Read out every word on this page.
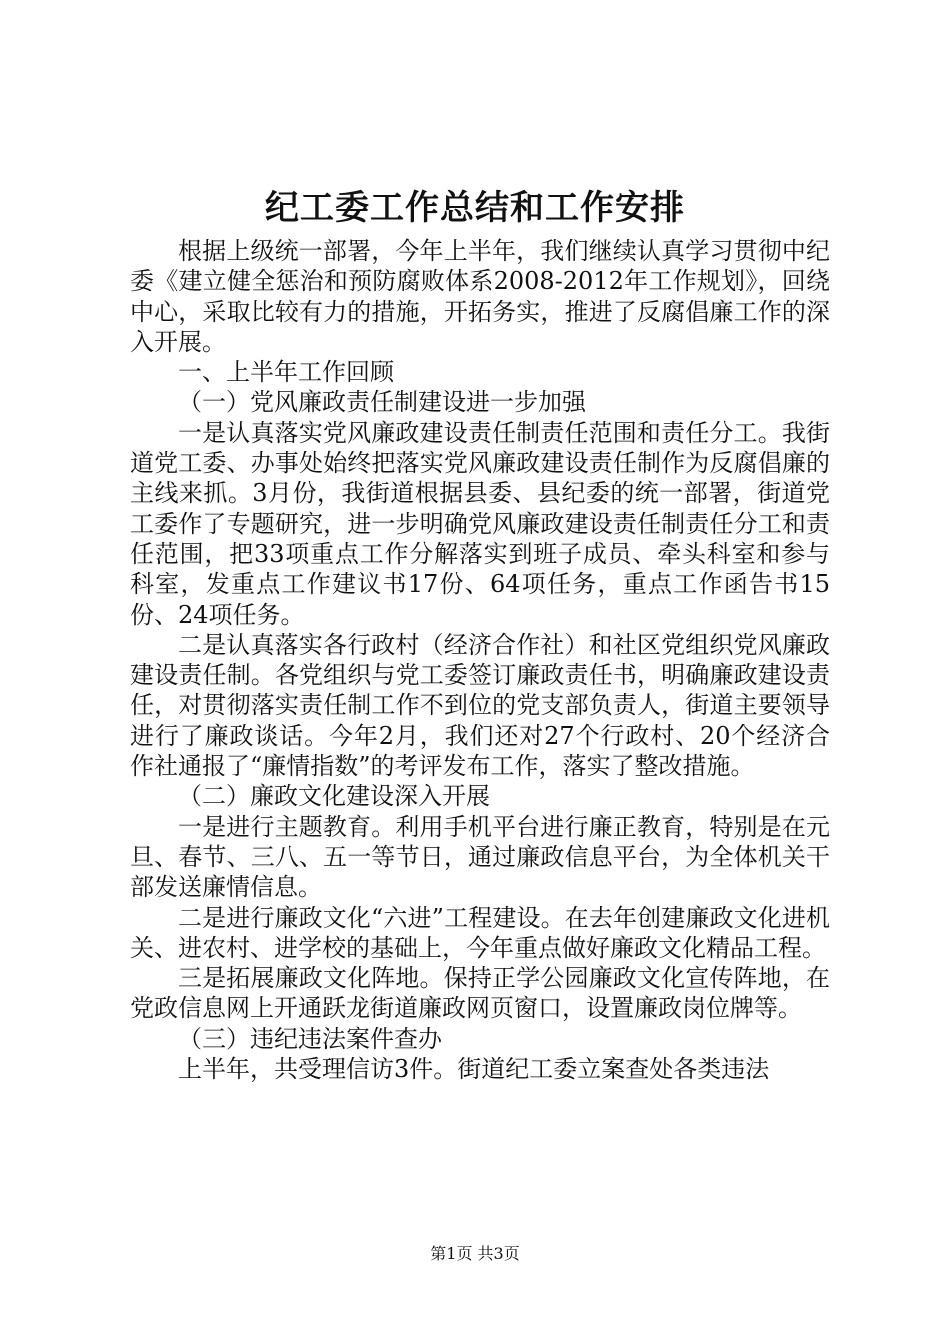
纪工委工作总结和工作安排

根据上级统一部署，今年上半年，我们继续认真学习贯彻中纪委《建立健全惩治和预防腐败体系2008-2012年工作规划》，回绕中心，采取比较有力的措施，开拓务实，推进了反腐倡廉工作的深入开展。

一、上半年工作回顾

（一）党风廉政责任制建设进一步加强

一是认真落实党风廉政建设责任制责任范围和责任分工。我街道党工委、办事处始终把落实党风廉政建设责任制作为反腐倡廉的主线来抓。3月份，我街道根据县委、县纪委的统一部署，街道党工委作了专题研究，进一步明确党风廉政建设责任制责任分工和责任范围，把33项重点工作分解落实到班子成员、牵头科室和参与科室，发重点工作建议书17份、64项任务，重点工作函告书15份、24项任务。

二是认真落实各行政村（经济合作社）和社区党组织党风廉政建设责任制。各党组织与党工委签订廉政责任书，明确廉政建设责任，对贯彻落实责任制工作不到位的党支部负责人，街道主要领导进行了廉政谈话。今年2月，我们还对27个行政村、20个经济合作社通报了“廉情指数”的考评发布工作，落实了整改措施。

（二）廉政文化建设深入开展

一是进行主题教育。利用手机平台进行廉正教育，特别是在元旦、春节、三八、五一等节日，通过廉政信息平台，为全体机关干部发送廉情信息。

二是进行廉政文化“六进”工程建设。在去年创建廉政文化进机关、进农村、进学校的基础上，今年重点做好廉政文化精品工程。

三是拓展廉政文化阵地。保持正学公园廉政文化宣传阵地，在党政信息网上开通跃龙街道廉政网页窗口，设置廉政岗位牌等。

（三）违纪违法案件查办

上半年，共受理信访3件。街道纪工委立案查处各类违法

第1页 共3页
